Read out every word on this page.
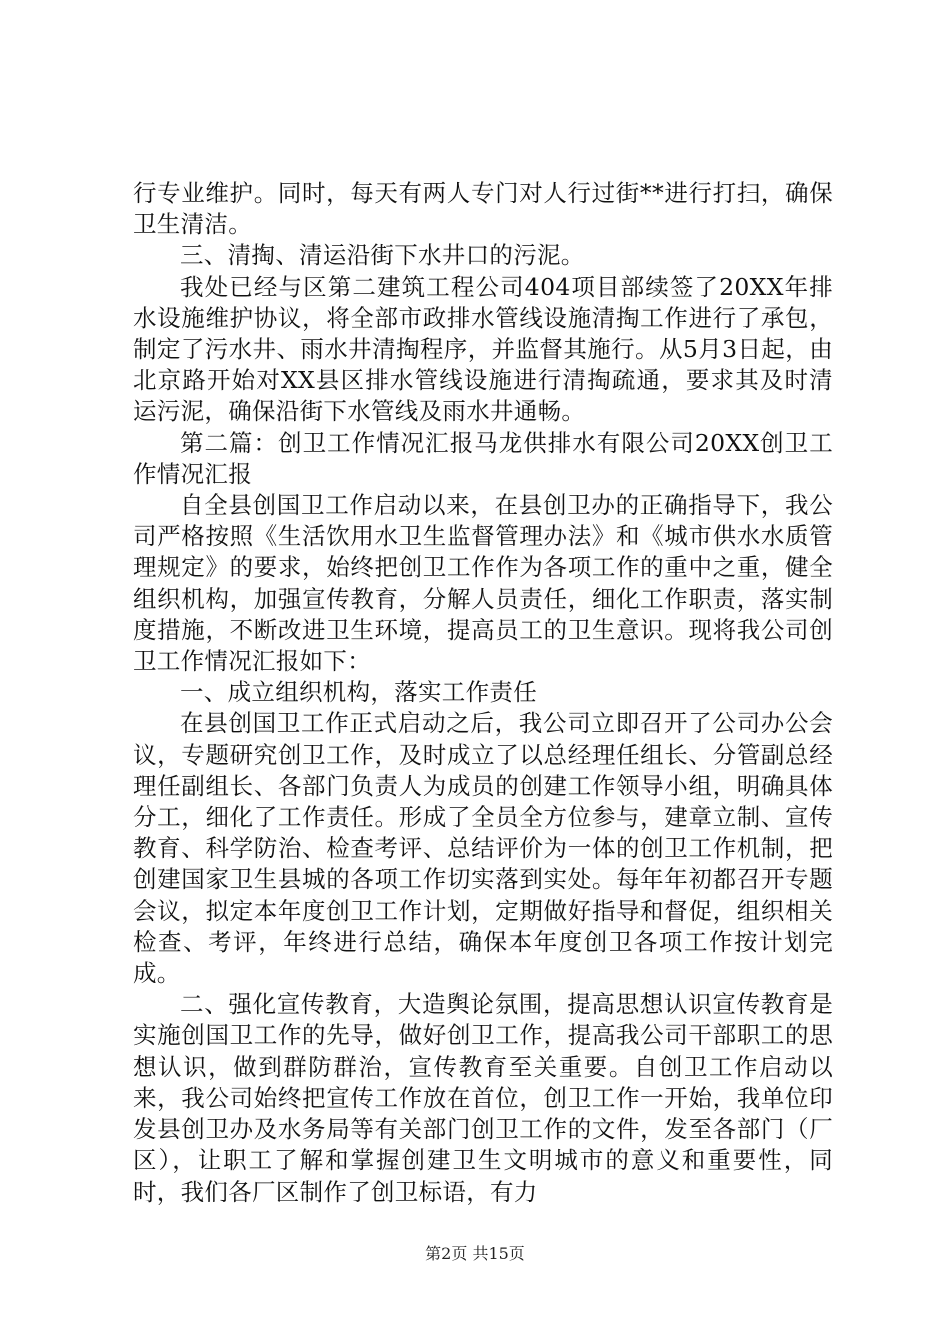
行专业维护。同时，每天有两人专门对人行过街**进行打扫，确保卫生清洁。

三、清掏、清运沿街下水井口的污泥。

我处已经与区第二建筑工程公司404项目部续签了20XX年排水设施维护协议，将全部市政排水管线设施清掏工作进行了承包，制定了污水井、雨水井清掏程序，并监督其施行。从5月3日起，由北京路开始对XX县区排水管线设施进行清掏疏通，要求其及时清运污泥，确保沿街下水管线及雨水井通畅。

第二篇：创卫工作情况汇报马龙供排水有限公司20XX创卫工作情况汇报

自全县创国卫工作启动以来，在县创卫办的正确指导下，我公司严格按照《生活饮用水卫生监督管理办法》和《城市供水水质管理规定》的要求，始终把创卫工作作为各项工作的重中之重，健全组织机构，加强宣传教育，分解人员责任，细化工作职责，落实制度措施，不断改进卫生环境，提高员工的卫生意识。现将我公司创卫工作情况汇报如下：

一、成立组织机构，落实工作责任

在县创国卫工作正式启动之后，我公司立即召开了公司办公会议，专题研究创卫工作，及时成立了以总经理任组长、分管副总经理任副组长、各部门负责人为成员的创建工作领导小组，明确具体分工，细化了工作责任。形成了全员全方位参与，建章立制、宣传教育、科学防治、检查考评、总结评价为一体的创卫工作机制，把创建国家卫生县城的各项工作切实落到实处。每年年初都召开专题会议，拟定本年度创卫工作计划，定期做好指导和督促，组织相关检查、考评，年终进行总结，确保本年度创卫各项工作按计划完成。

二、强化宣传教育，大造舆论氛围，提高思想认识宣传教育是实施创国卫工作的先导，做好创卫工作，提高我公司干部职工的思想认识，做到群防群治，宣传教育至关重要。自创卫工作启动以来，我公司始终把宣传工作放在首位，创卫工作一开始，我单位印发县创卫办及水务局等有关部门创卫工作的文件，发至各部门（厂区），让职工了解和掌握创建卫生文明城市的意义和重要性，同时，我们各厂区制作了创卫标语，有力

第2页 共15页
